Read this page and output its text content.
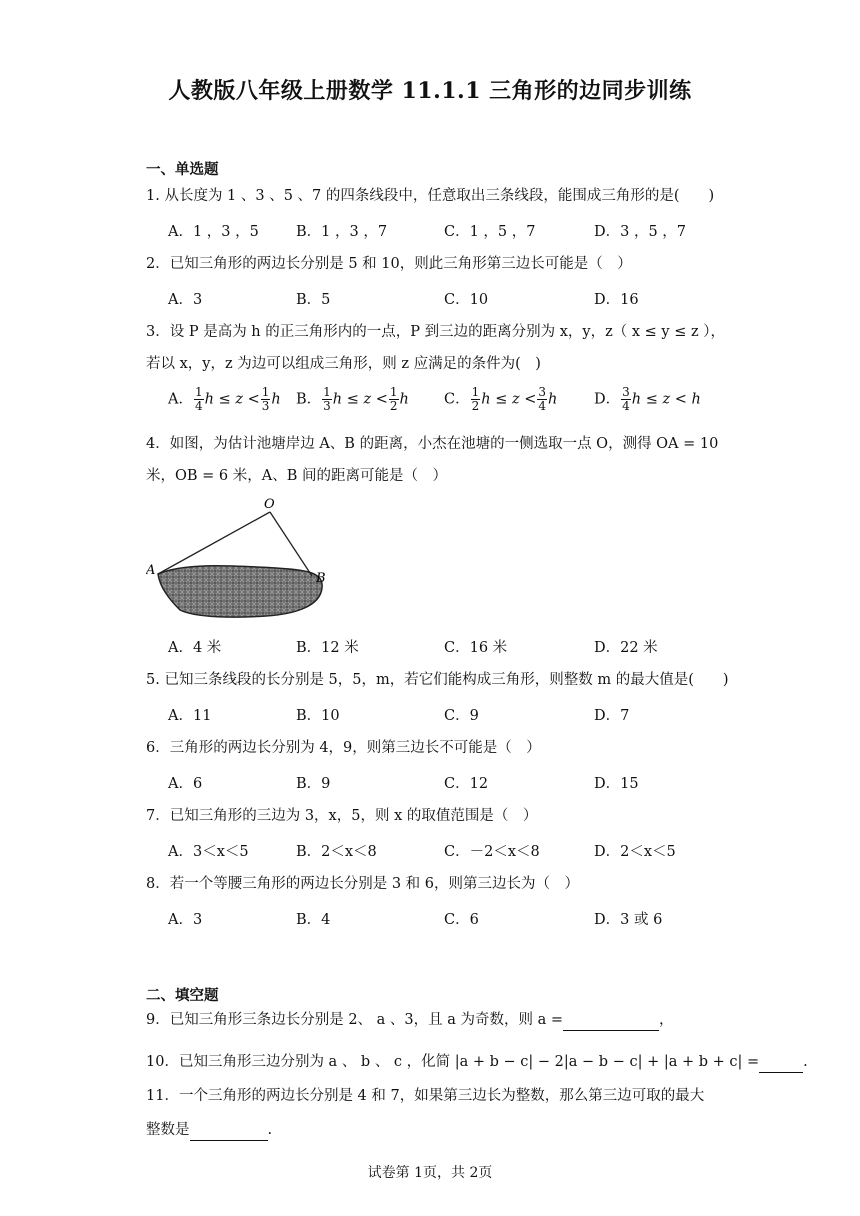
人教版八年级上册数学 11.1.1 三角形的边同步训练
一、单选题
1. 从长度为 1 、3 、5 、7 的四条线段中，任意取出三条线段，能围成三角形的是(　　)
A．1 ，3 ，5	B．1 ，3 ，7	C．1 ，5 ，7	D．3 ，5 ，7
2．已知三角形的两边长分别是 5 和 10，则此三角形第三边长可能是（　）
A．3	B．5	C．10	D．16
3．设 P 是高为 h 的正三角形内的一点，P 到三边的距离分别为 x，y，z（ x ≤ y ≤ z ），
若以 x，y，z 为边可以组成三角形，则 z 应满足的条件为(　)
A． $\frac{1}{4}$ $h \le z < \frac{1}{3}$ h B． $\frac{1}{3}$ $h \le z < \frac{1}{2}$ h C． $\frac{1}{2}$ $h \le z < \frac{3}{4}$ h	D． $\frac{3}{4}$ h ≤ z < h
4．如图，为估计池塘岸边 A、B 的距离，小杰在池塘的一侧选取一点 O，测得 OA = 10
米，OB = 6 米，A、B 间的距离可能是（　）
O
A
B
A．4 米	B．12 米	C．16 米	D．22 米
5. 已知三条线段的长分别是 5，5，m，若它们能构成三角形，则整数 m 的最大值是(　　)
A．11	B．10	C．9	D．7
6．三角形的两边长分别为 4，9，则第三边长不可能是（　）
A．6	B．9	C．12	D．15
7．已知三角形的三边为 3，x，5，则 x 的取值范围是（　）
A．3＜x＜5	B．2＜x＜8	C．－2＜x＜8	D．2＜x＜5
8．若一个等腰三角形的两边长分别是 3 和 6，则第三边长为（　）
A．3	B．4	C．6	D．3 或 6
二、填空题
9．已知三角形三条边长分别是 2、 a 、3，且 a 为奇数，则 a =	，
10．已知三角形三边分别为 a 、 b 、 c ，化简 |a + b − c| − 2|a − b − c| + |a + b + c| =	.
11．一个三角形的两边长分别是 4 和 7，如果第三边长为整数，那么第三边可取的最大
整数是	.
试卷第 1页，共 2页
